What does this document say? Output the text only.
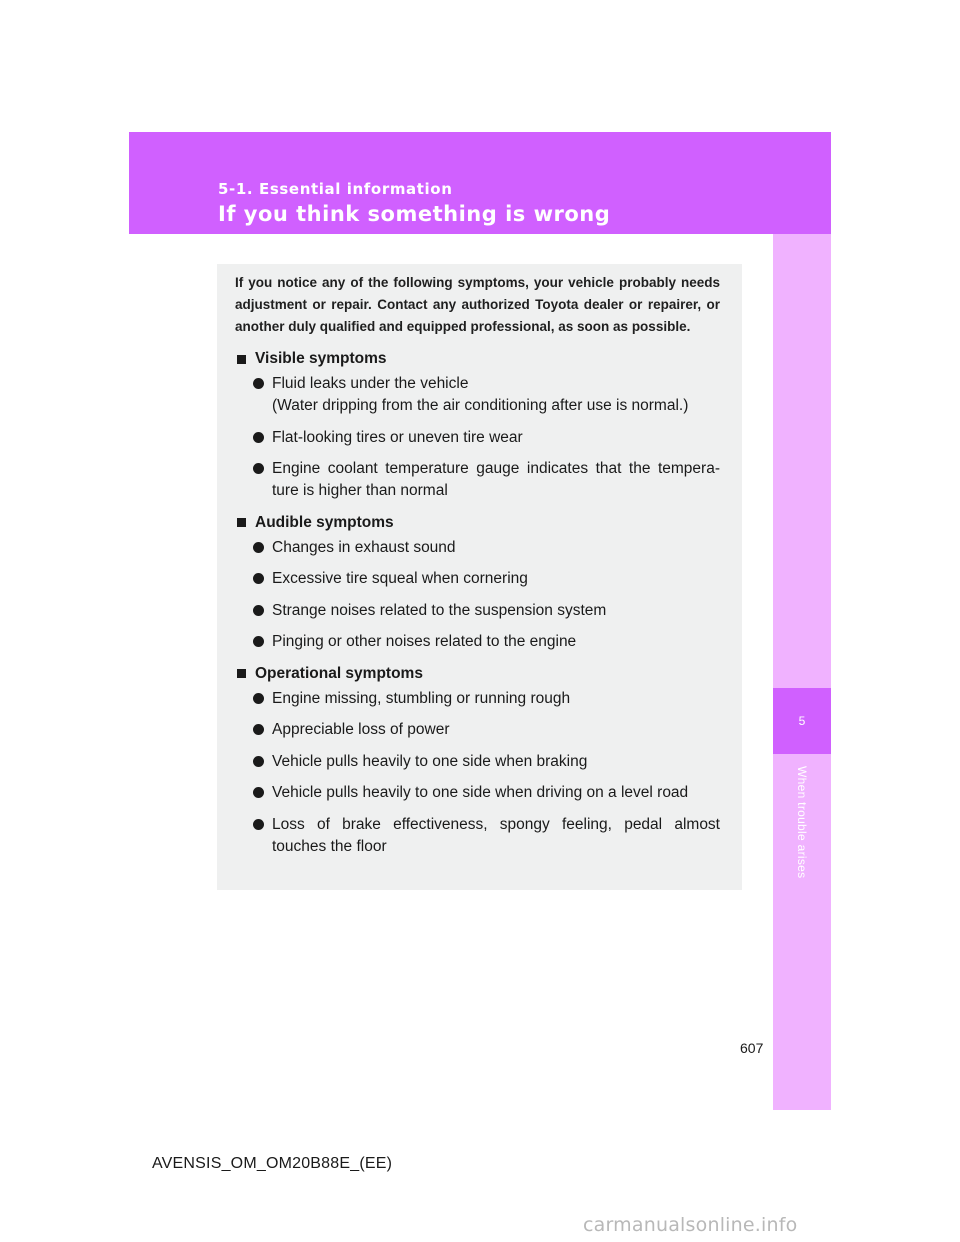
5-1. Essential information
If you think something is wrong
5
When trouble arises

If you notice any of the following symptoms, your vehicle probably needs adjustment or repair. Contact any authorized Toyota dealer or repairer, or another duly qualified and equipped professional, as soon as possible.

Visible symptoms
Fluid leaks under the vehicle
(Water dripping from the air conditioning after use is normal.)
Flat-looking tires or uneven tire wear
Engine coolant temperature gauge indicates that the tempera-ture is higher than normal
Audible symptoms
Changes in exhaust sound
Excessive tire squeal when cornering
Strange noises related to the suspension system
Pinging or other noises related to the engine
Operational symptoms
Engine missing, stumbling or running rough
Appreciable loss of power
Vehicle pulls heavily to one side when braking
Vehicle pulls heavily to one side when driving on a level road
Loss of brake effectiveness, spongy feeling, pedal almost touches the floor
607
AVENSIS_OM_OM20B88E_(EE)
carmanualsonline.info
